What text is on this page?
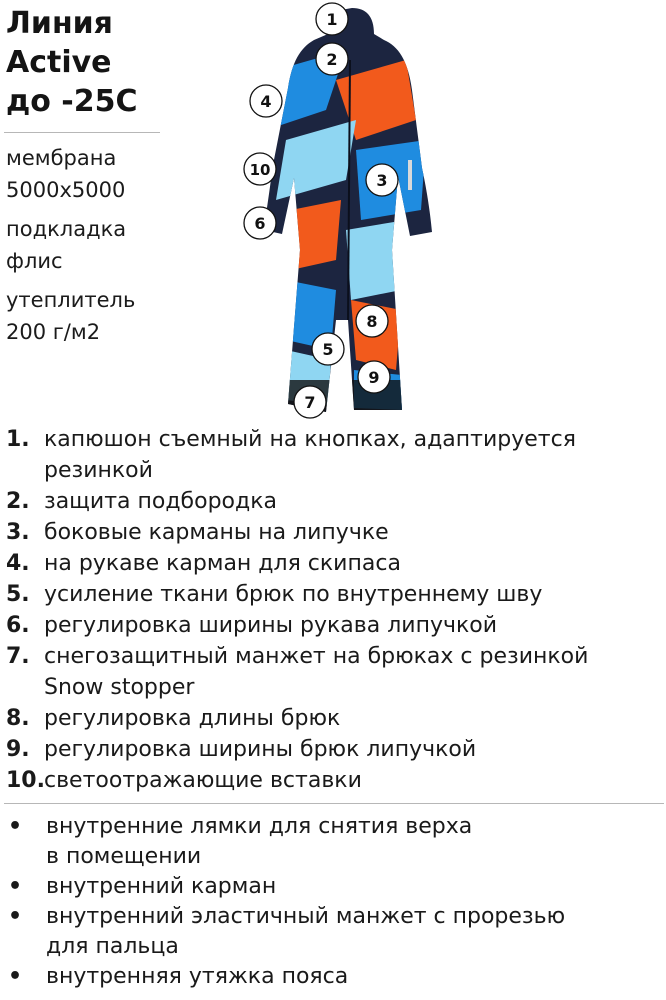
Линия
Active
до -25С
мембрана
5000х5000
подкладка
флис
утеплитель
200 г/м2
1
2
3
4
5
6
7
8
9
10
1. капюшон съемный на кнопках, адаптируется
резинкой
2. защита подбородка
3. боковые карманы на липучке
4. на рукаве карман для скипаса
5. усиление ткани брюк по внутреннему шву
6. регулировка ширины рукава липучкой
7. снегозащитный манжет на брюках с резинкой
Snow stopper
8. регулировка длины брюк
9. регулировка ширины брюк липучкой
10. светоотражающие вставки
•	внутренние лямки для снятия верха
в помещении
•	внутренний карман
•	внутренний эластичный манжет с прорезью
для пальца
•	внутренняя утяжка пояса
